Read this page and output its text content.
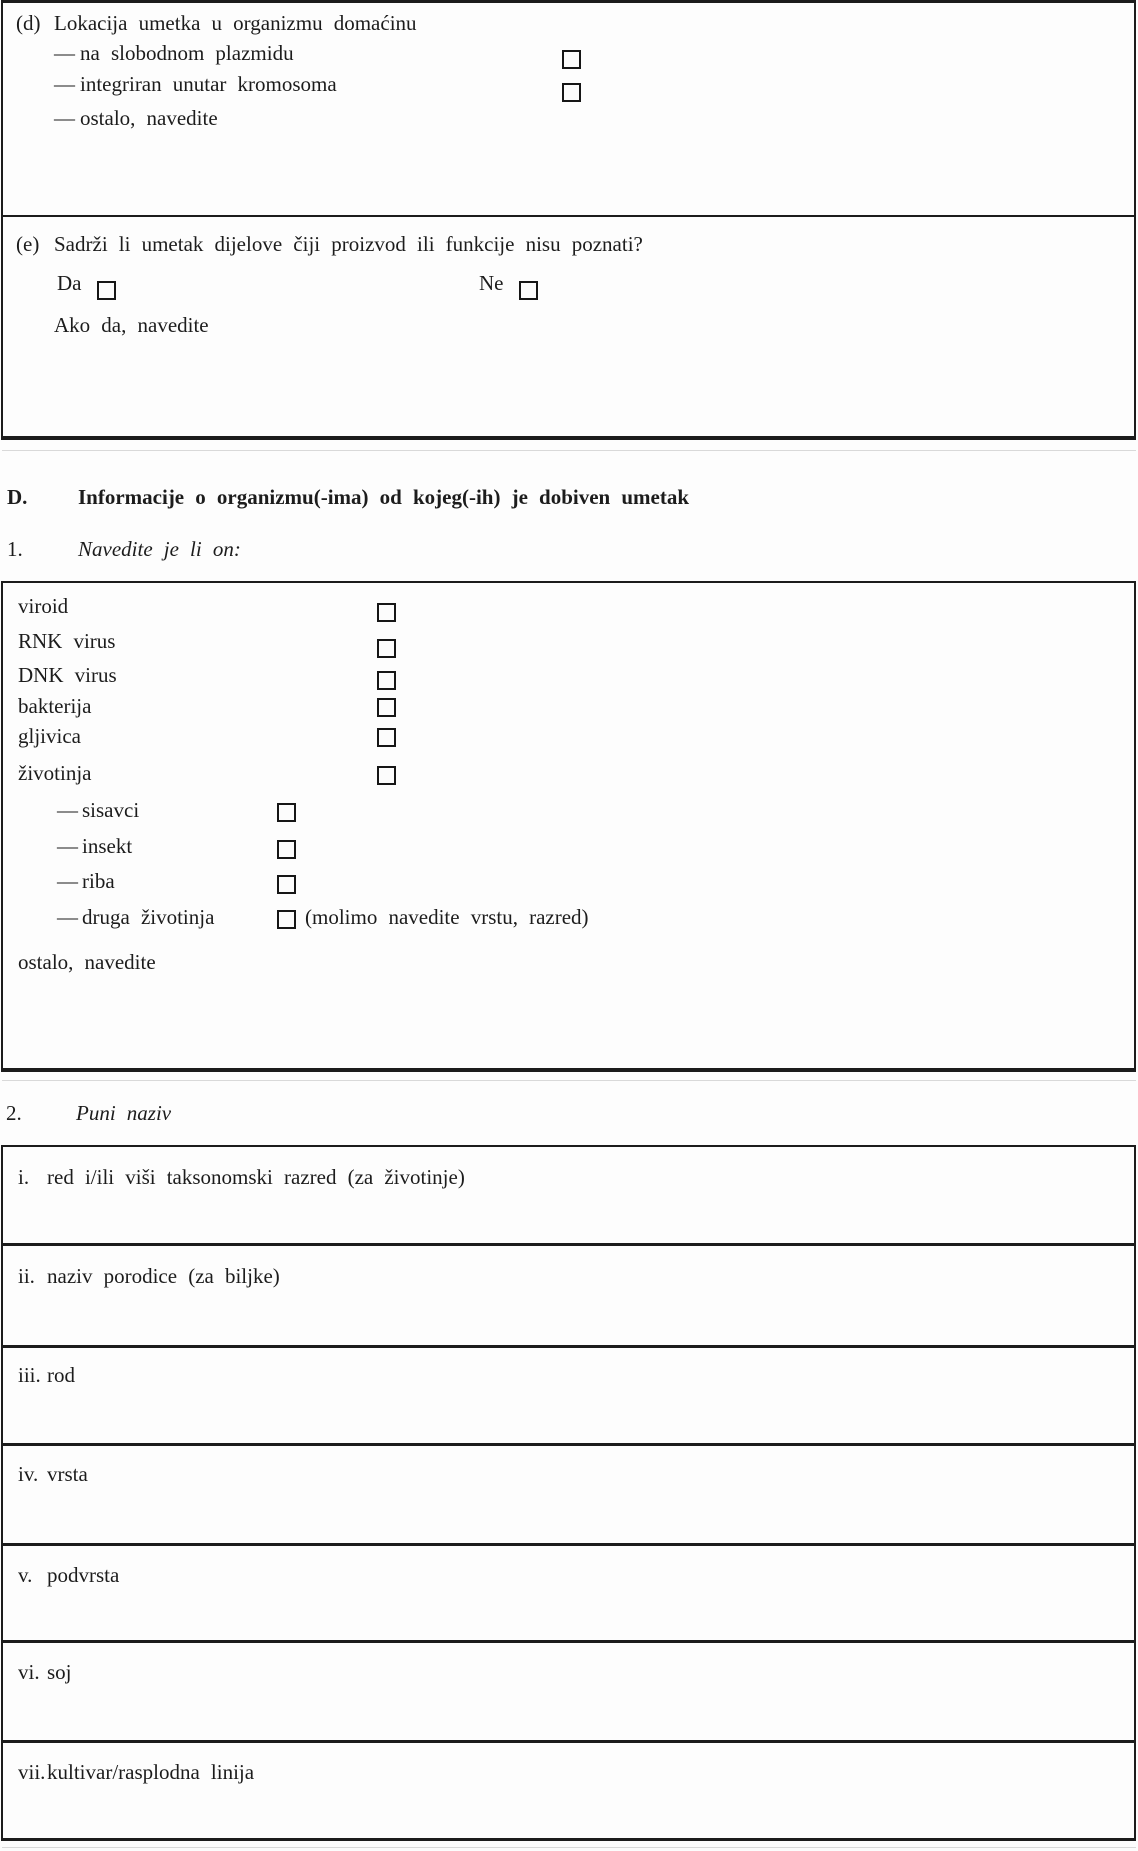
(d) Lokacija umetka u organizmu domaćinu
— na slobodnom plazmidu
— integriran unutar kromosoma
— ostalo, navedite
(e) Sadrži li umetak dijelove čiji proizvod ili funkcije nisu poznati?
Da	Ne
Ako da, navedite
D. Informacije o organizmu(-ima) od kojeg(-ih) je dobiven umetak
1.	Navedite je li on:
viroid
RNK virus
DNK virus
bakterija
gljivica
životinja
— sisavci
— insekt
— riba
— druga životinja	(molimo navedite vrstu, razred)
ostalo, navedite
2.	Puni naziv
i. red i/ili viši taksonomski razred (za životinje)
ii. naziv porodice (za biljke)
iii. rod
iv. vrsta
v. podvrsta
vi. soj
vii. kultivar/rasplodna linija
